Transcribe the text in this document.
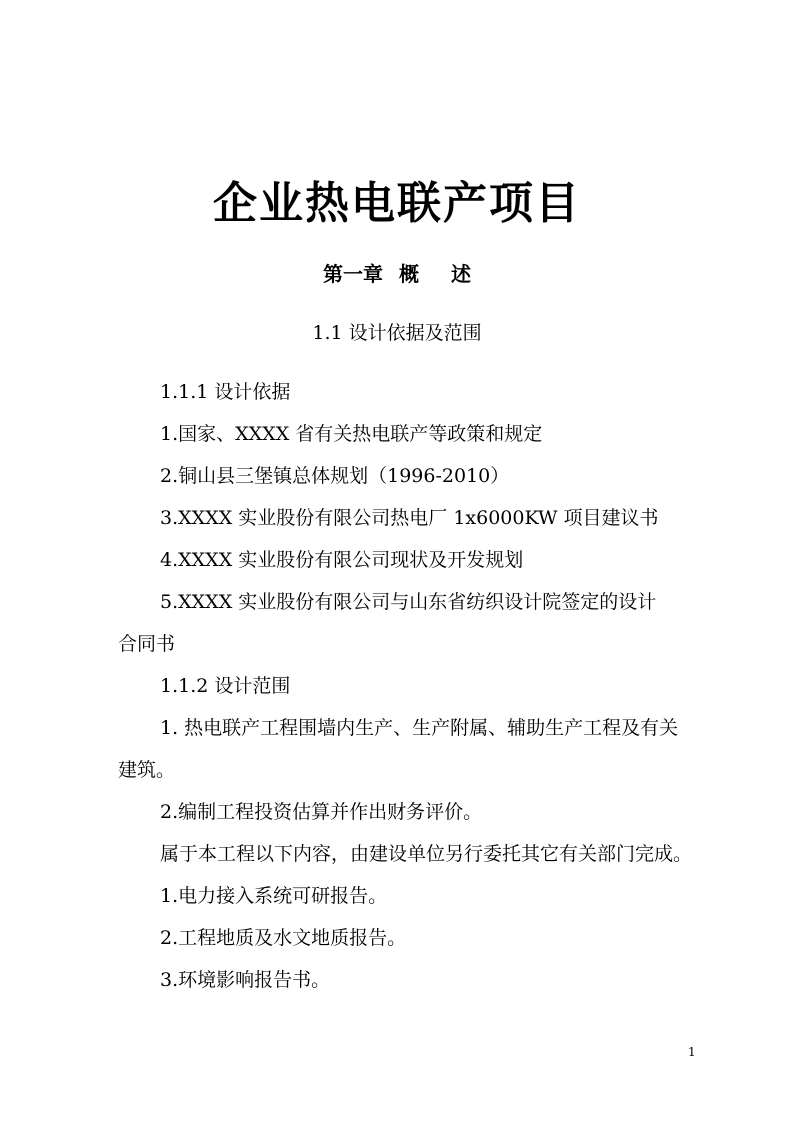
企业热电联产项目
第一章 概 述
1.1 设计依据及范围
1.1.1 设计依据
1.国家、XXXX 省有关热电联产等政策和规定
2.铜山县三堡镇总体规划（1996-2010）
3.XXXX 实业股份有限公司热电厂 1x6000KW 项目建议书
4.XXXX 实业股份有限公司现状及开发规划
5.XXXX 实业股份有限公司与山东省纺织设计院签定的设计
合同书
1.1.2 设计范围
1. 热电联产工程围墙内生产、生产附属、辅助生产工程及有关
建筑。
2.编制工程投资估算并作出财务评价。
属于本工程以下内容，由建设单位另行委托其它有关部门完成。
1.电力接入系统可研报告。
2.工程地质及水文地质报告。
3.环境影响报告书。
1
